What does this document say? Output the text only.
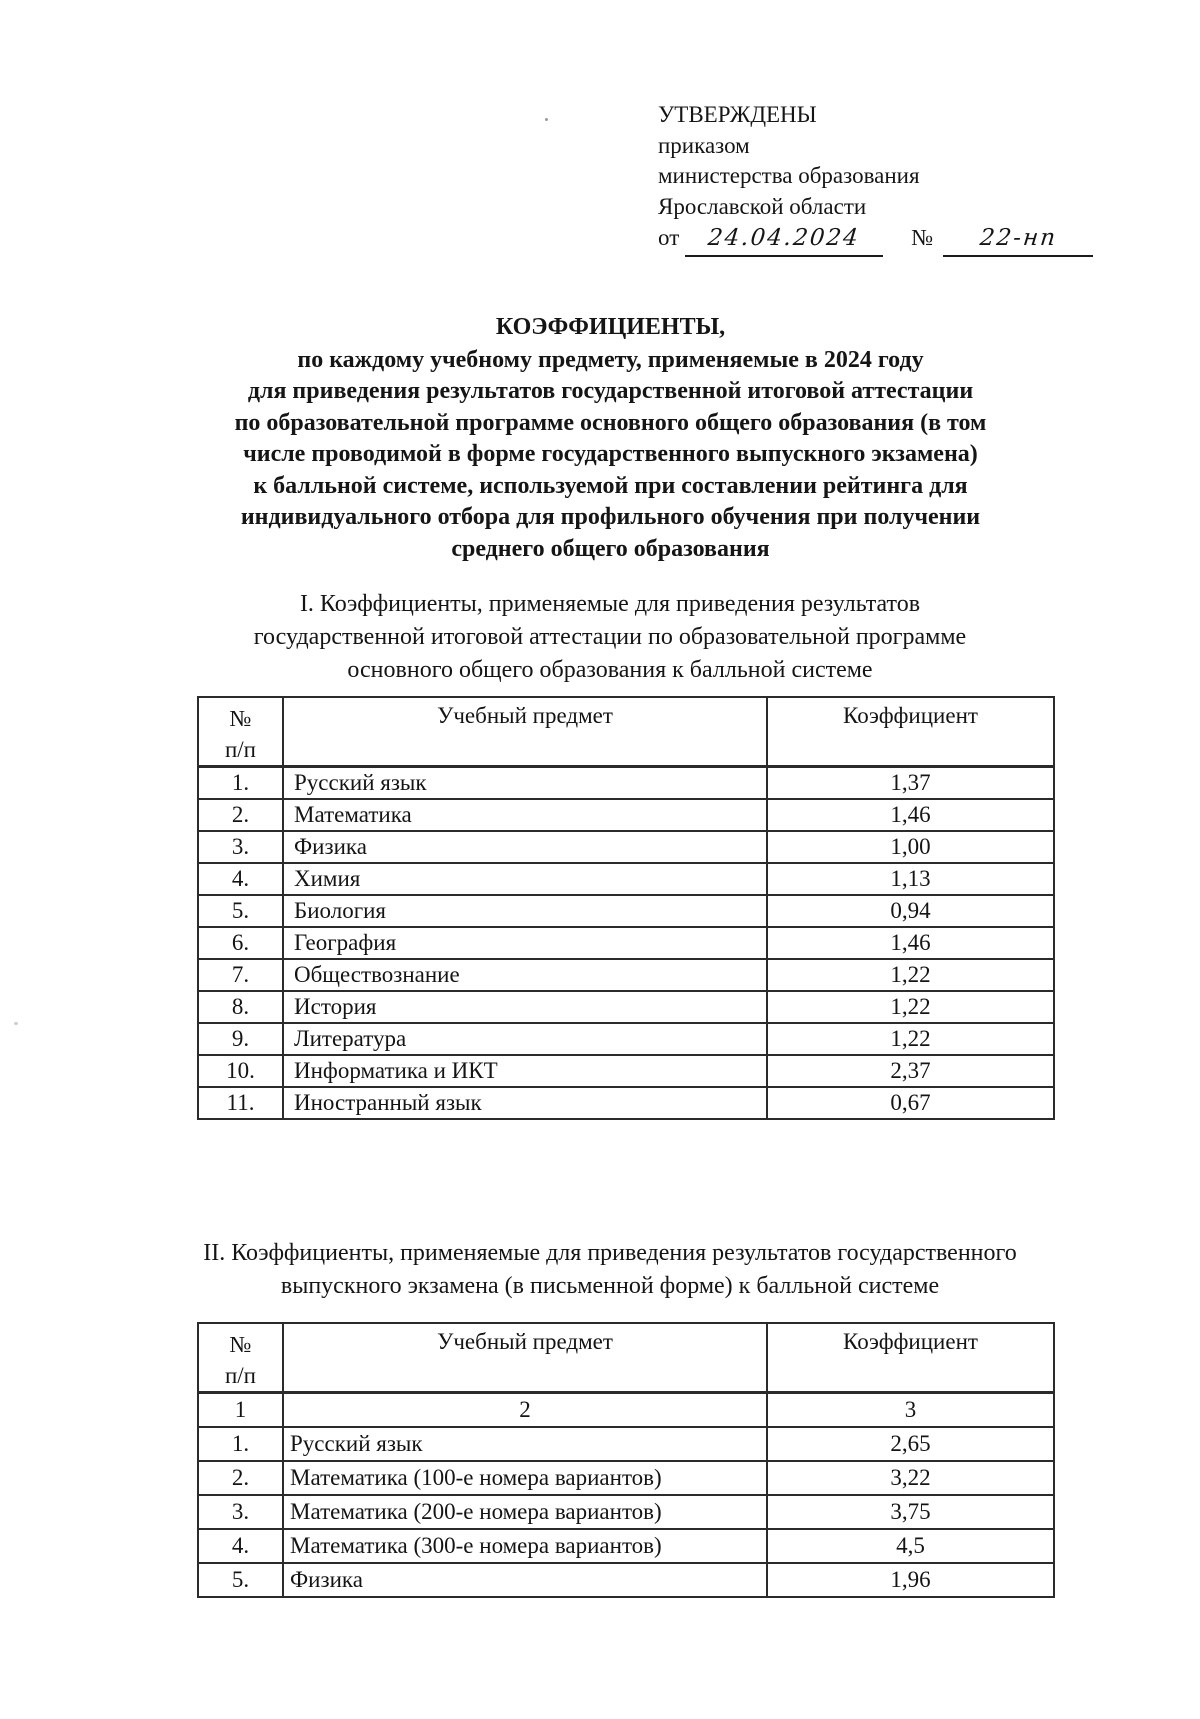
УТВЕРЖДЕНЫ
приказом
министерства образования
Ярославской области
от 24.04.2024 № 22-нп
КОЭФФИЦИЕНТЫ,
по каждому учебному предмету, применяемые в 2024 году
для приведения результатов государственной итоговой аттестации
по образовательной программе основного общего образования (в том
числе проводимой в форме государственного выпускного экзамена)
к балльной системе, используемой при составлении рейтинга для
индивидуального отбора для профильного обучения при получении
среднего общего образования
I. Коэффициенты, применяемые для приведения результатов
государственной итоговой аттестации по образовательной программе
основного общего образования к балльной системе
№
п/п	Учебный предмет	Коэффициент
1.	Русский язык	1,37
2.	Математика	1,46
3.	Физика	1,00
4.	Химия	1,13
5.	Биология	0,94
6.	География	1,46
7.	Обществознание	1,22
8.	История	1,22
9.	Литература	1,22
10.	Информатика и ИКТ	2,37
11.	Иностранный язык	0,67
II. Коэффициенты, применяемые для приведения результатов государственного
выпускного экзамена (в письменной форме) к балльной системе
№
п/п	Учебный предмет	Коэффициент
1	2	3
1.	Русский язык	2,65
2.	Математика (100-е номера вариантов)	3,22
3.	Математика (200-е номера вариантов)	3,75
4.	Математика (300-е номера вариантов)	4,5
5.	Физика	1,96
